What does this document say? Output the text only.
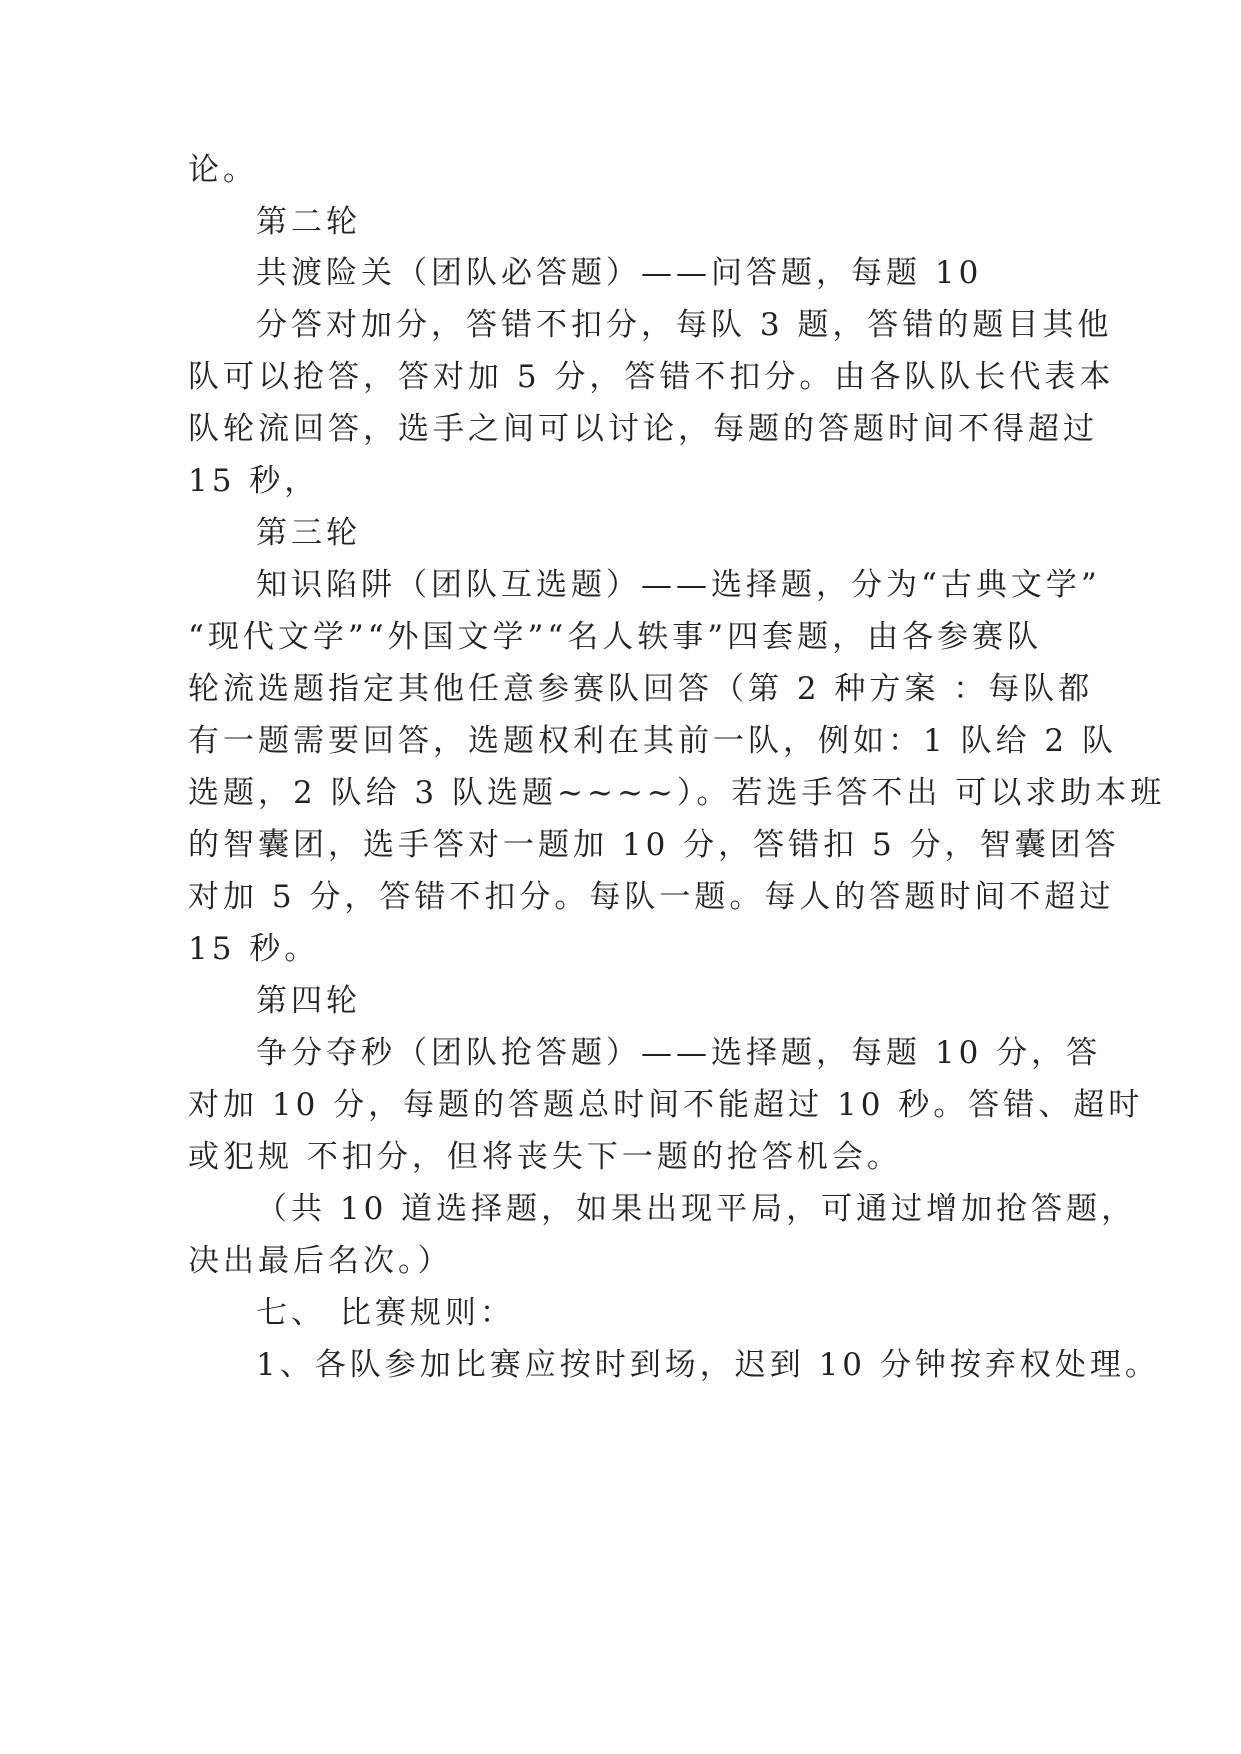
论。
第二轮
共渡险关（团队必答题）——问答题，每题 10
分答对加分，答错不扣分，每队 3 题，答错的题目其他
队可以抢答，答对加 5 分，答错不扣分。由各队队长代表本
队轮流回答，选手之间可以讨论，每题的答题时间不得超过
15 秒，
第三轮
知识陷阱（团队互选题）——选择题，分为“古典文学”
“现代文学”“外国文学”“名人轶事”四套题，由各参赛队
轮流选题指定其他任意参赛队回答（第 2 种方案 ：每队都
有一题需要回答，选题权利在其前一队，例如：1 队给 2 队
选题，2 队给 3 队选题~~~~）。若选手答不出 可以求助本班
的智囊团，选手答对一题加 10 分，答错扣 5 分，智囊团答
对加 5 分，答错不扣分。每队一题。每人的答题时间不超过
15 秒。
第四轮
争分夺秒（团队抢答题）——选择题，每题 10 分，答
对加 10 分，每题的答题总时间不能超过 10 秒。答错、超时
或犯规 不扣分，但将丧失下一题的抢答机会。
（共 10 道选择题，如果出现平局，可通过增加抢答题，
决出最后名次。）
七、 比赛规则：
1、各队参加比赛应按时到场，迟到 10 分钟按弃权处理。
